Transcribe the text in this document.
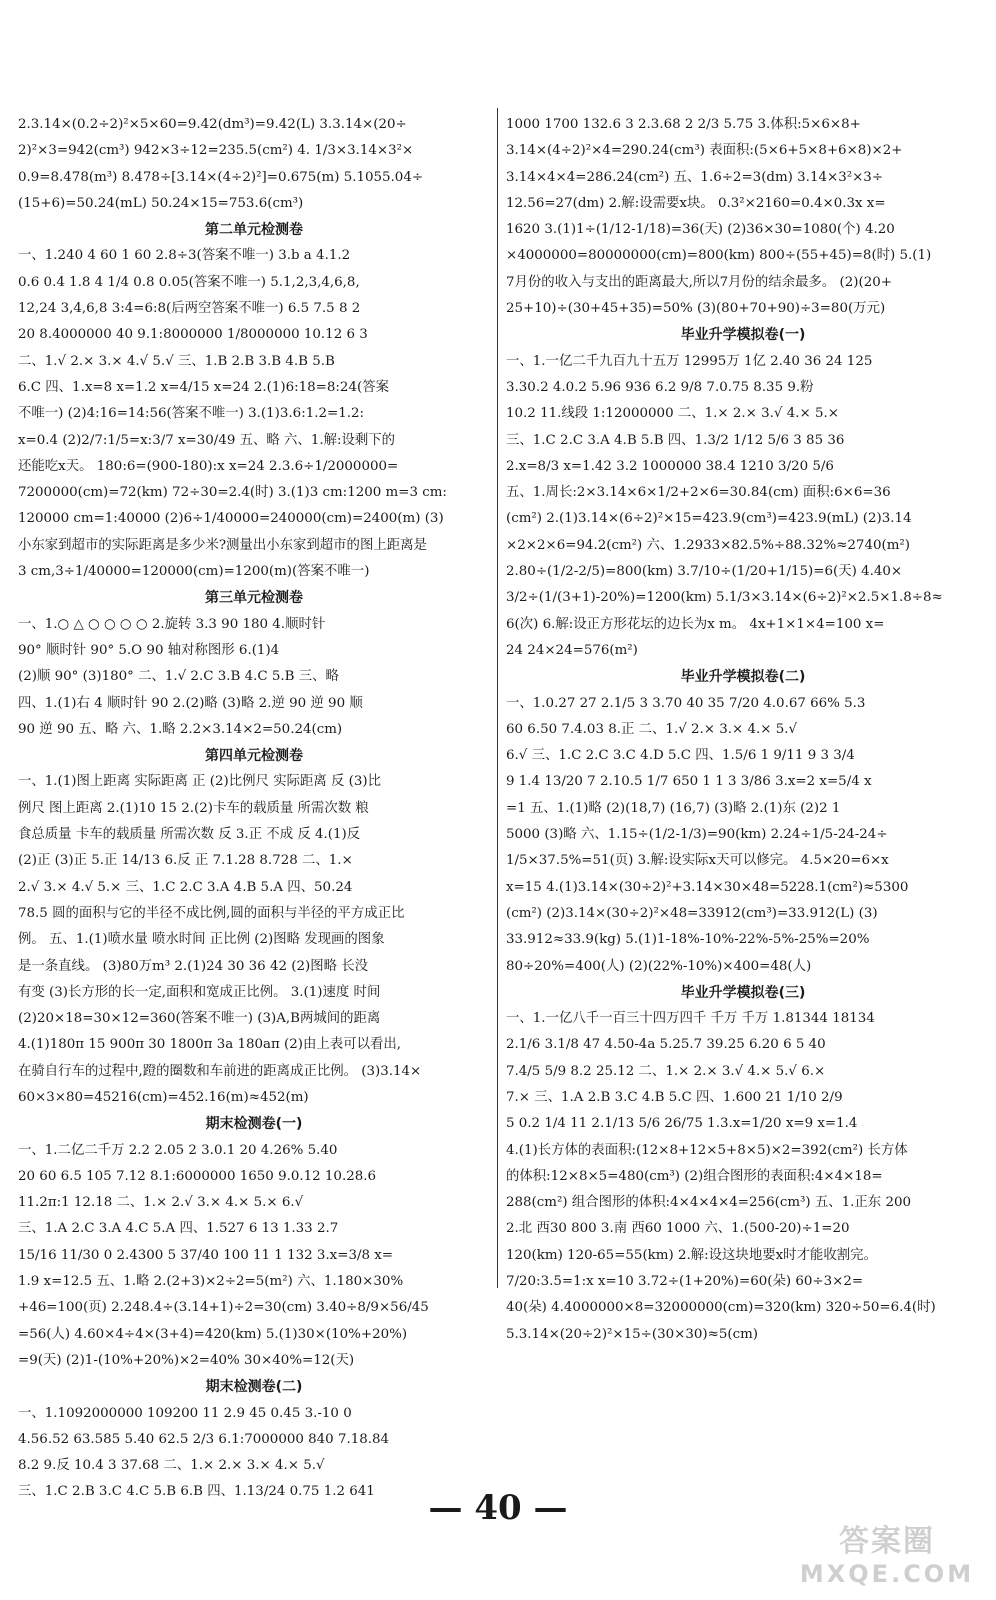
2.3.14×(0.2÷2)²×5×60=9.42(dm³)=9.42(L) 3.3.14×(20÷
2)²×3=942(cm³) 942×3÷12=235.5(cm²) 4. 1/3×3.14×3²×
0.9=8.478(m³) 8.478÷[3.14×(4÷2)²]=0.675(m) 5.1055.04÷
(15+6)=50.24(mL) 50.24×15=753.6(cm³)
第二单元检测卷
一、1.240 4 60 1 60 2.8÷3(答案不唯一) 3.b a 4.1.2
0.6 0.4 1.8 4 1/4 0.8 0.05(答案不唯一) 5.1,2,3,4,6,8,
12,24 3,4,6,8 3:4=6:8(后两空答案不唯一) 6.5 7.5 8 2
20 8.4000000 40 9.1:8000000 1/8000000 10.12 6 3
二、1.√ 2.× 3.× 4.√ 5.√ 三、1.B 2.B 3.B 4.B 5.B
6.C 四、1.x=8 x=1.2 x=4/15 x=24 2.(1)6:18=8:24(答案
不唯一) (2)4:16=14:56(答案不唯一) 3.(1)3.6:1.2=1.2:
x=0.4 (2)2/7:1/5=x:3/7 x=30/49 五、略 六、1.解:设剩下的
还能吃x天。 180:6=(900-180):x x=24 2.3.6÷1/2000000=
7200000(cm)=72(km) 72÷30=2.4(时) 3.(1)3 cm:1200 m=3 cm:
120000 cm=1:40000 (2)6÷1/40000=240000(cm)=2400(m) (3)
小东家到超市的实际距离是多少米?测量出小东家到超市的图上距离是
3 cm,3÷1/40000=120000(cm)=1200(m)(答案不唯一)
第三单元检测卷
一、1.○ △ ○ ○ ○ ○ 2.旋转 3.3 90 180 4.顺时针
90° 顺时针 90° 5.O 90 轴对称图形 6.(1)4
(2)顺 90° (3)180° 二、1.√ 2.C 3.B 4.C 5.B 三、略
四、1.(1)右 4 顺时针 90 2.(2)略 (3)略 2.逆 90 逆 90 顺
90 逆 90 五、略 六、1.略 2.2×3.14×2=50.24(cm)
第四单元检测卷
一、1.(1)图上距离 实际距离 正 (2)比例尺 实际距离 反 (3)比
例尺 图上距离 2.(1)10 15 2.(2)卡车的载质量 所需次数 粮
食总质量 卡车的载质量 所需次数 反 3.正 不成 反 4.(1)反
(2)正 (3)正 5.正 14/13 6.反 正 7.1.28 8.728 二、1.×
2.√ 3.× 4.√ 5.× 三、1.C 2.C 3.A 4.B 5.A 四、50.24
78.5 圆的面积与它的半径不成比例,圆的面积与半径的平方成正比
例。 五、1.(1)喷水量 喷水时间 正比例 (2)图略 发现画的图象
是一条直线。 (3)80万m³ 2.(1)24 30 36 42 (2)图略 长没
有变 (3)长方形的长一定,面积和宽成正比例。 3.(1)速度 时间
(2)20×18=30×12=360(答案不唯一) (3)A,B两城间的距离
4.(1)180π 15 900π 30 1800π 3a 180aπ (2)由上表可以看出,
在骑自行车的过程中,蹬的圈数和车前进的距离成正比例。 (3)3.14×
60×3×80=45216(cm)=452.16(m)≈452(m)
期末检测卷(一)
一、1.二亿二千万 2.2 2.05 2 3.0.1 20 4.26% 5.40
20 60 6.5 105 7.12 8.1:6000000 1650 9.0.12 10.28.6
11.2π:1 12.18 二、1.× 2.√ 3.× 4.× 5.× 6.√
三、1.A 2.C 3.A 4.C 5.A 四、1.527 6 13 1.33 2.7
15/16 11/30 0 2.4300 5 37/40 100 11 1 132 3.x=3/8 x=
1.9 x=12.5 五、1.略 2.(2+3)×2÷2=5(m²) 六、1.180×30%
+46=100(页) 2.248.4÷(3.14+1)÷2=30(cm) 3.40÷8/9×56/45
=56(人) 4.60×4÷4×(3+4)=420(km) 5.(1)30×(10%+20%)
=9(天) (2)1-(10%+20%)×2=40% 30×40%=12(天)
期末检测卷(二)
一、1.1092000000 109200 11 2.9 45 0.45 3.-10 0
4.56.52 63.585 5.40 62.5 2/3 6.1:7000000 840 7.18.84
8.2 9.反 10.4 3 37.68 二、1.× 2.× 3.× 4.× 5.√
三、1.C 2.B 3.C 4.C 5.B 6.B 四、1.13/24 0.75 1.2 641
1000 1700 132.6 3 2.3.68 2 2/3 5.75 3.体积:5×6×8+
3.14×(4÷2)²×4=290.24(cm³) 表面积:(5×6+5×8+6×8)×2+
3.14×4×4=286.24(cm²) 五、1.6÷2=3(dm) 3.14×3²×3÷
12.56=27(dm) 2.解:设需要x块。 0.3²×2160=0.4×0.3x x=
1620 3.(1)1÷(1/12-1/18)=36(天) (2)36×30=1080(个) 4.20
×4000000=80000000(cm)=800(km) 800÷(55+45)=8(时) 5.(1)
7月份的收入与支出的距离最大,所以7月份的结余最多。 (2)(20+
25+10)÷(30+45+35)=50% (3)(80+70+90)÷3=80(万元)
毕业升学模拟卷(一)
一、1.一亿二千九百九十五万 12995万 1亿 2.40 36 24 125
3.30.2 4.0.2 5.96 936 6.2 9/8 7.0.75 8.35 9.粉
10.2 11.线段 1:12000000 二、1.× 2.× 3.√ 4.× 5.×
三、1.C 2.C 3.A 4.B 5.B 四、1.3/2 1/12 5/6 3 85 36
2.x=8/3 x=1.42 3.2 1000000 38.4 1210 3/20 5/6
五、1.周长:2×3.14×6×1/2+2×6=30.84(cm) 面积:6×6=36
(cm²) 2.(1)3.14×(6÷2)²×15=423.9(cm³)=423.9(mL) (2)3.14
×2×2×6=94.2(cm²) 六、1.2933×82.5%÷88.32%≈2740(m²)
2.80÷(1/2-2/5)=800(km) 3.7/10÷(1/20+1/15)=6(天) 4.40×
3/2÷(1/(3+1)-20%)=1200(km) 5.1/3×3.14×(6÷2)²×2.5×1.8÷8≈
6(次) 6.解:设正方形花坛的边长为x m。 4x+1×1×4=100 x=
24 24×24=576(m²)
毕业升学模拟卷(二)
一、1.0.27 27 2.1/5 3 3.70 40 35 7/20 4.0.67 66% 5.3
60 6.50 7.4.03 8.正 二、1.√ 2.× 3.× 4.× 5.√
6.√ 三、1.C 2.C 3.C 4.D 5.C 四、1.5/6 1 9/11 9 3 3/4
9 1.4 13/20 7 2.10.5 1/7 650 1 1 3 3/86 3.x=2 x=5/4 x
=1 五、1.(1)略 (2)(18,7) (16,7) (3)略 2.(1)东 (2)2 1
5000 (3)略 六、1.15÷(1/2-1/3)=90(km) 2.24÷1/5-24-24÷
1/5×37.5%=51(页) 3.解:设实际x天可以修完。 4.5×20=6×x
x=15 4.(1)3.14×(30÷2)²+3.14×30×48=5228.1(cm²)≈5300
(cm²) (2)3.14×(30÷2)²×48=33912(cm³)=33.912(L) (3)
33.912≈33.9(kg) 5.(1)1-18%-10%-22%-5%-25%=20%
80÷20%=400(人) (2)(22%-10%)×400=48(人)
毕业升学模拟卷(三)
一、1.一亿八千一百三十四万四千 千万 千万 1.81344 18134
2.1/6 3.1/8 47 4.50-4a 5.25.7 39.25 6.20 6 5 40
7.4/5 5/9 8.2 25.12 二、1.× 2.× 3.√ 4.× 5.√ 6.×
7.× 三、1.A 2.B 3.C 4.B 5.C 四、1.600 21 1/10 2/9
5 0.2 1/4 11 2.1/13 5/6 26/75 1.3.x=1/20 x=9 x=1.4
4.(1)长方体的表面积:(12×8+12×5+8×5)×2=392(cm²) 长方体
的体积:12×8×5=480(cm³) (2)组合图形的表面积:4×4×18=
288(cm²) 组合图形的体积:4×4×4×4=256(cm³) 五、1.正东 200
2.北 西30 800 3.南 西60 1000 六、1.(500-20)÷1=20
120(km) 120-65=55(km) 2.解:设这块地要x时才能收割完。
7/20:3.5=1:x x=10 3.72÷(1+20%)=60(朵) 60÷3×2=
40(朵) 4.4000000×8=32000000(cm)=320(km) 320÷50=6.4(时)
5.3.14×(20÷2)²×15÷(30×30)≈5(cm)
— 40 —
答案圈
MXQE.COM
